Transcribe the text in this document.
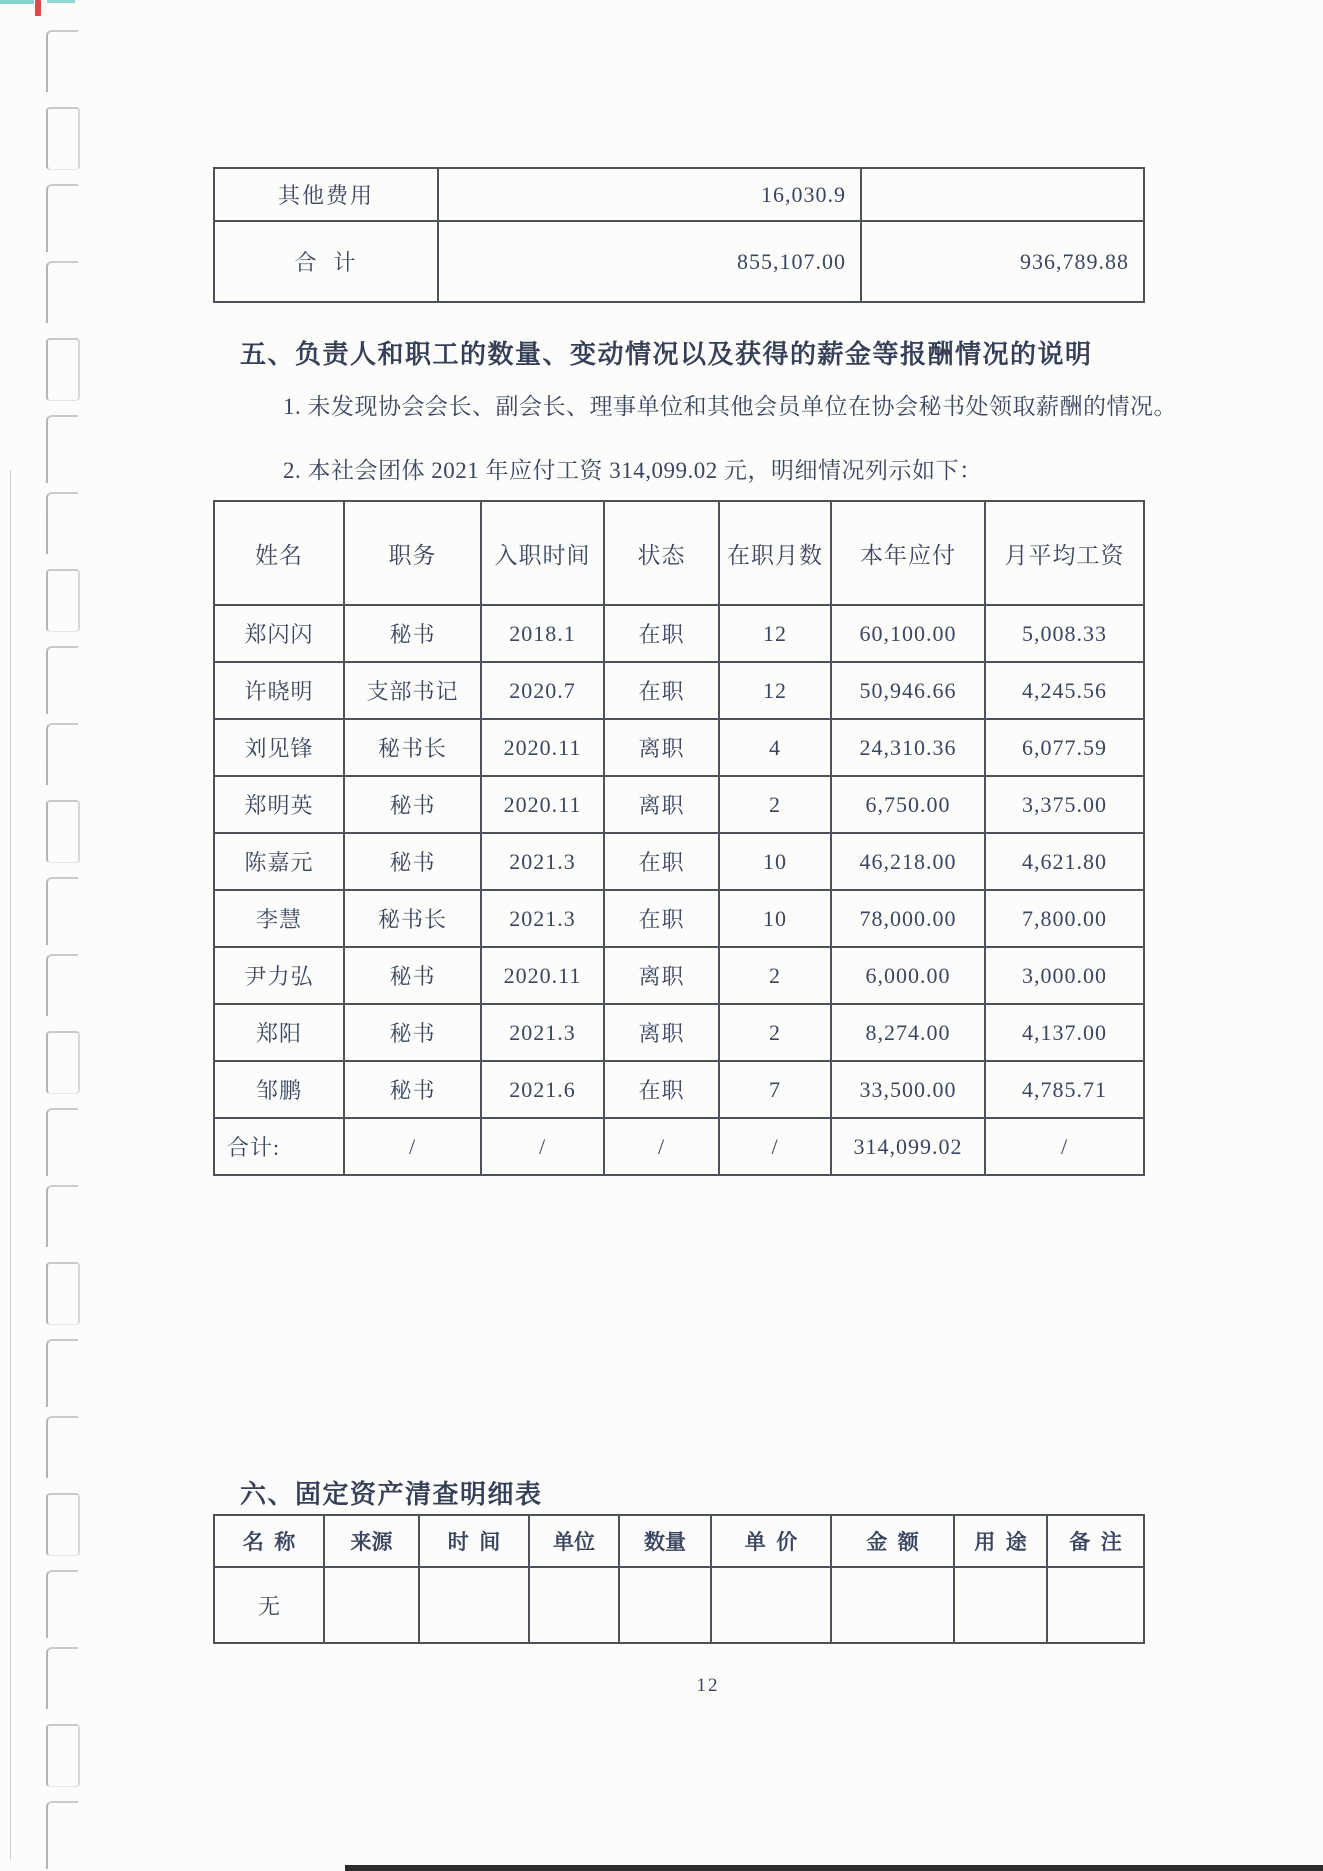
其他费用	16,030.9	
合  计	855,107.00	936,789.88
五、负责人和职工的数量、变动情况以及获得的薪金等报酬情况的说明
1. 未发现协会会长、副会长、理事单位和其他会员单位在协会秘书处领取薪酬的情况。
2. 本社会团体 2021 年应付工资 314,099.02 元，明细情况列示如下：
姓名	职务	入职时间	状态	在职月数	本年应付	月平均工资
郑闪闪	秘书	2018.1	在职	12	60,100.00	5,008.33
许晓明	支部书记	2020.7	在职	12	50,946.66	4,245.56
刘见锋	秘书长	2020.11	离职	4	24,310.36	6,077.59
郑明英	秘书	2020.11	离职	2	6,750.00	3,375.00
陈嘉元	秘书	2021.3	在职	10	46,218.00	4,621.80
李慧	秘书长	2021.3	在职	10	78,000.00	7,800.00
尹力弘	秘书	2020.11	离职	2	6,000.00	3,000.00
郑阳	秘书	2021.3	离职	2	8,274.00	4,137.00
邹鹏	秘书	2021.6	在职	7	33,500.00	4,785.71
合计:	/	/	/	/	314,099.02	/
六、固定资产清查明细表
名  称	来源	时  间	单位	数量	单  价	金  额	用  途	备  注
无								
12
